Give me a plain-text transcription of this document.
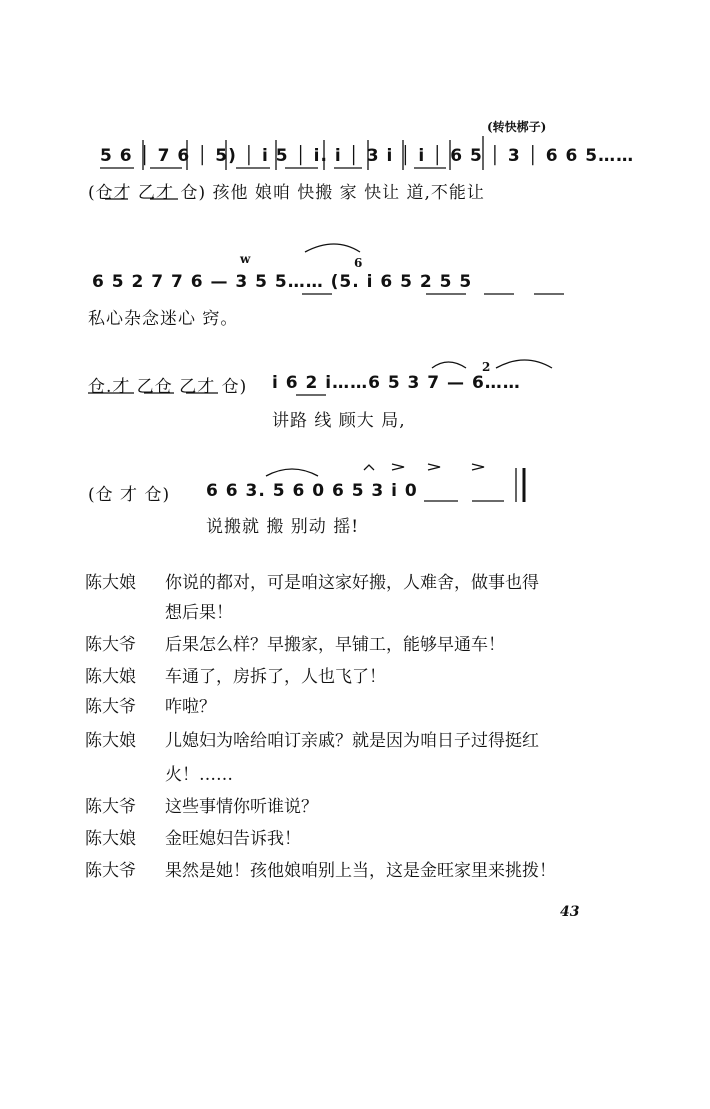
(转快梆子)
5 6 │ 7 6 │ 5) │ i 5 │ i. i │ 3 i │ i │ 6 5 │ 3 │ 6 6 5……
(仓才 乙才 仓) 孩他 娘咱 快搬 家 快让 道,不能让
6
w
6 5 2 7 7 6 — 3 5 5…… (5. i 6 5 2 5 5
私心杂念迷心 窍。
仓.才 乙仓 乙才 仓)
2
i 6 2 i……6 5 3 7 — 6……
讲路 线 顾大 局,
(仓 才 仓) 6 6 3. 5 6 0 6 5 3 i 0
说搬就 搬 别动 摇!
陈大娘 你说的都对，可是咱这家好搬，人难舍，做事也得
想后果！
陈大爷 后果怎么样？早搬家，早铺工，能够早通车！
陈大娘 车通了，房拆了，人也飞了！
陈大爷 咋啦？
陈大娘 儿媳妇为啥给咱订亲戚？就是因为咱日子过得挺红
火！……
陈大爷 这些事情你听谁说？
陈大娘 金旺媳妇告诉我！
陈大爷 果然是她！孩他娘咱别上当，这是金旺家里来挑拨！
43
